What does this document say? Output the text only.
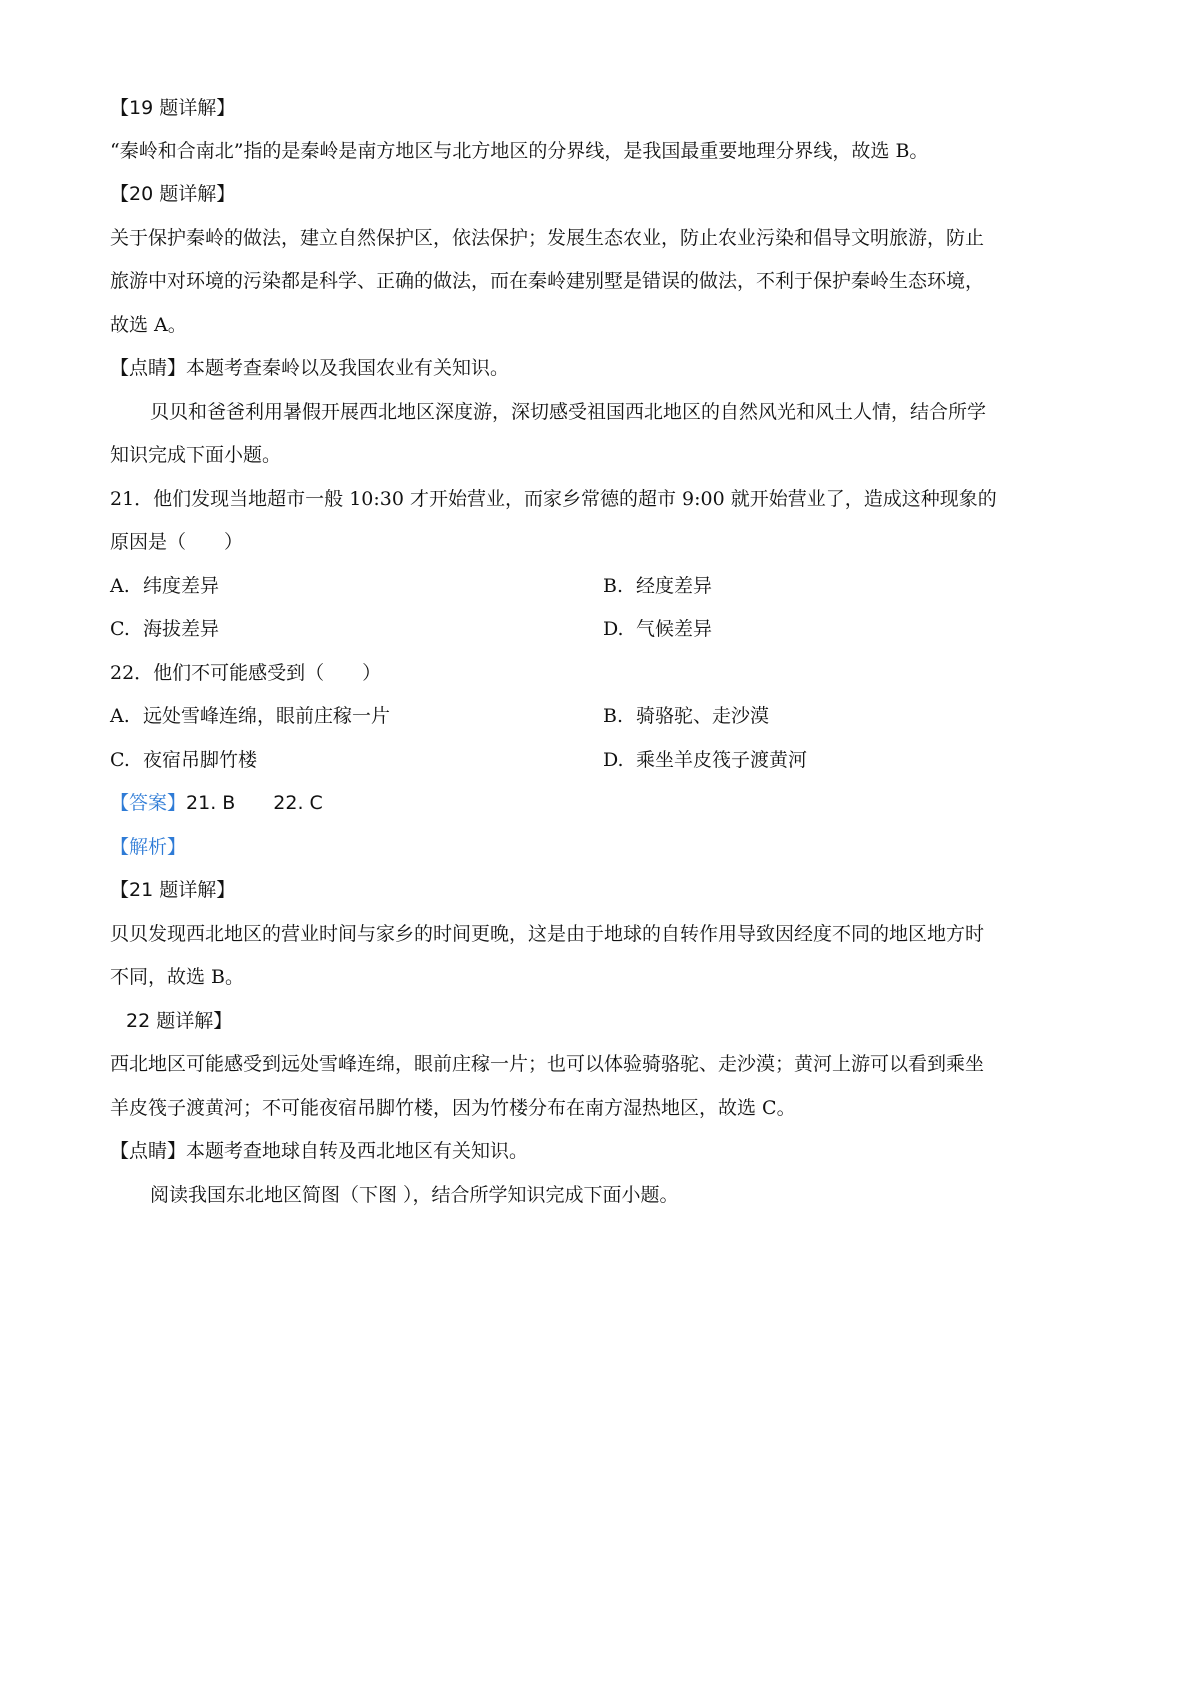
【19 题详解】
“秦岭和合南北”指的是秦岭是南方地区与北方地区的分界线，是我国最重要地理分界线，故选 B。
【20 题详解】
关于保护秦岭的做法，建立自然保护区，依法保护；发展生态农业，防止农业污染和倡导文明旅游，防止
旅游中对环境的污染都是科学、正确的做法，而在秦岭建别墅是错误的做法，不利于保护秦岭生态环境，
故选 A。
【点睛】本题考查秦岭以及我国农业有关知识。
贝贝和爸爸利用暑假开展西北地区深度游，深切感受祖国西北地区的自然风光和风土人情，结合所学
知识完成下面小题。
21．他们发现当地超市一般 10:30 才开始营业，而家乡常德的超市 9:00 就开始营业了，造成这种现象的
原因是（　　）
A. 纬度差异	B. 经度差异
C. 海拔差异	D. 气候差异
22．他们不可能感受到（　　）
A. 远处雪峰连绵，眼前庄稼一片	B. 骑骆驼、走沙漠
C. 夜宿吊脚竹楼	D. 乘坐羊皮筏子渡黄河
【答案】21. B　　22. C
【解析】
【21 题详解】
贝贝发现西北地区的营业时间与家乡的时间更晚，这是由于地球的自转作用导致因经度不同的地区地方时
不同，故选 B。
22 题详解】
西北地区可能感受到远处雪峰连绵，眼前庄稼一片；也可以体验骑骆驼、走沙漠；黄河上游可以看到乘坐
羊皮筏子渡黄河；不可能夜宿吊脚竹楼，因为竹楼分布在南方湿热地区，故选 C。
【点睛】本题考查地球自转及西北地区有关知识。
阅读我国东北地区简图（下图 ），结合所学知识完成下面小题。
